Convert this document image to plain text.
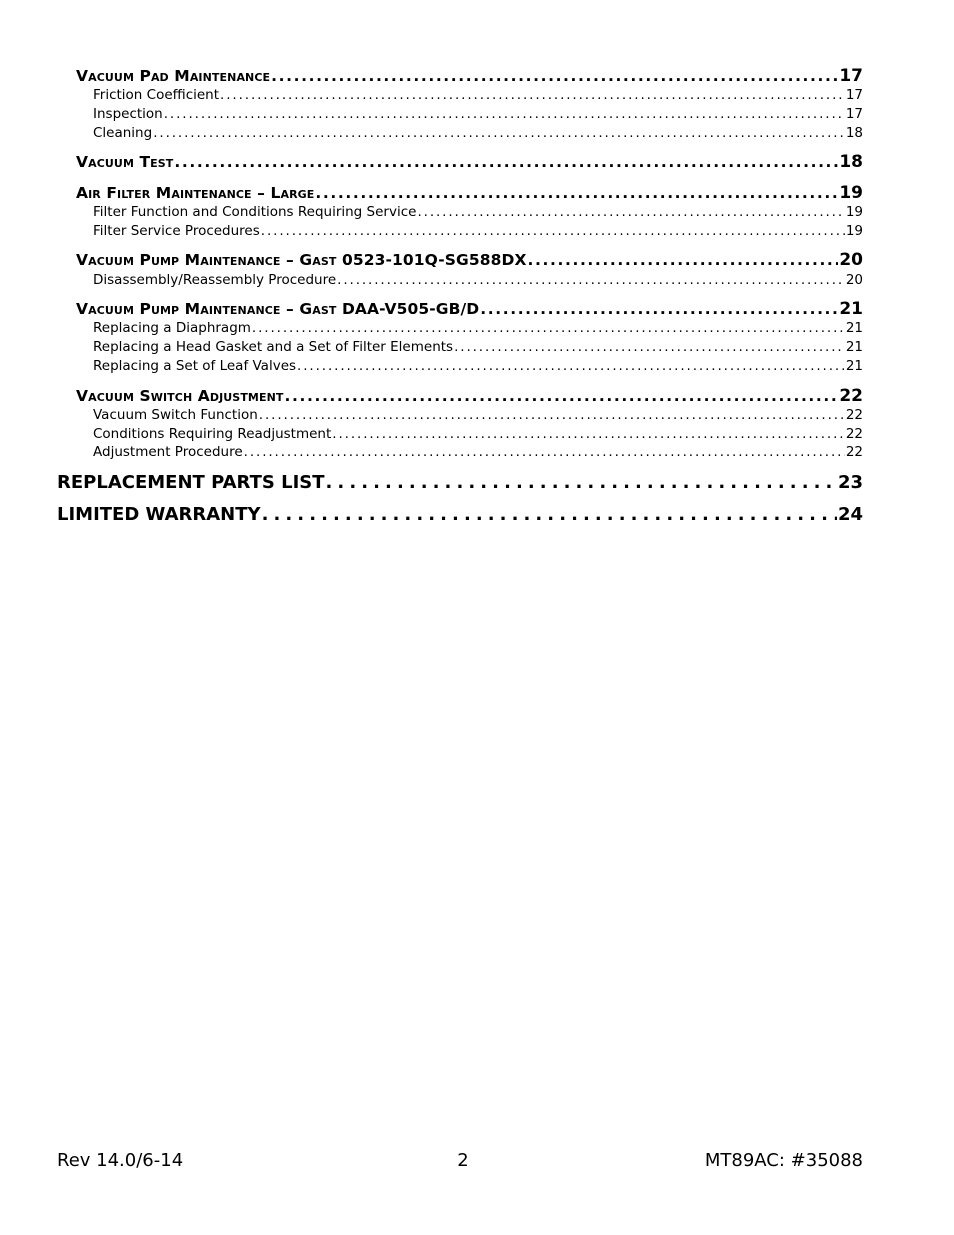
Vacuum Pad Maintenance . . .	17
Friction Coefficient . . .	17
Inspection . . .	17
Cleaning . . .	18
Vacuum Test . . .	18
Air Filter Maintenance – Large . . .	19
Filter Function and Conditions Requiring Service . . .	19
Filter Service Procedures . . .	19
Vacuum Pump Maintenance – Gast 0523-101Q-SG588DX . . .	20
Disassembly/Reassembly Procedure . . .	20
Vacuum Pump Maintenance – Gast DAA-V505-GB/D . . .	21
Replacing a Diaphragm . . .	21
Replacing a Head Gasket and a Set of Filter Elements . . .	21
Replacing a Set of Leaf Valves . . .	21
Vacuum Switch Adjustment . . .	22
Vacuum Switch Function . . .	22
Conditions Requiring Readjustment . . .	22
Adjustment Procedure . . .	22
REPLACEMENT PARTS LIST . . .	23
LIMITED WARRANTY . . .	24
Rev 14.0/6-14	2	MT89AC: #35088
